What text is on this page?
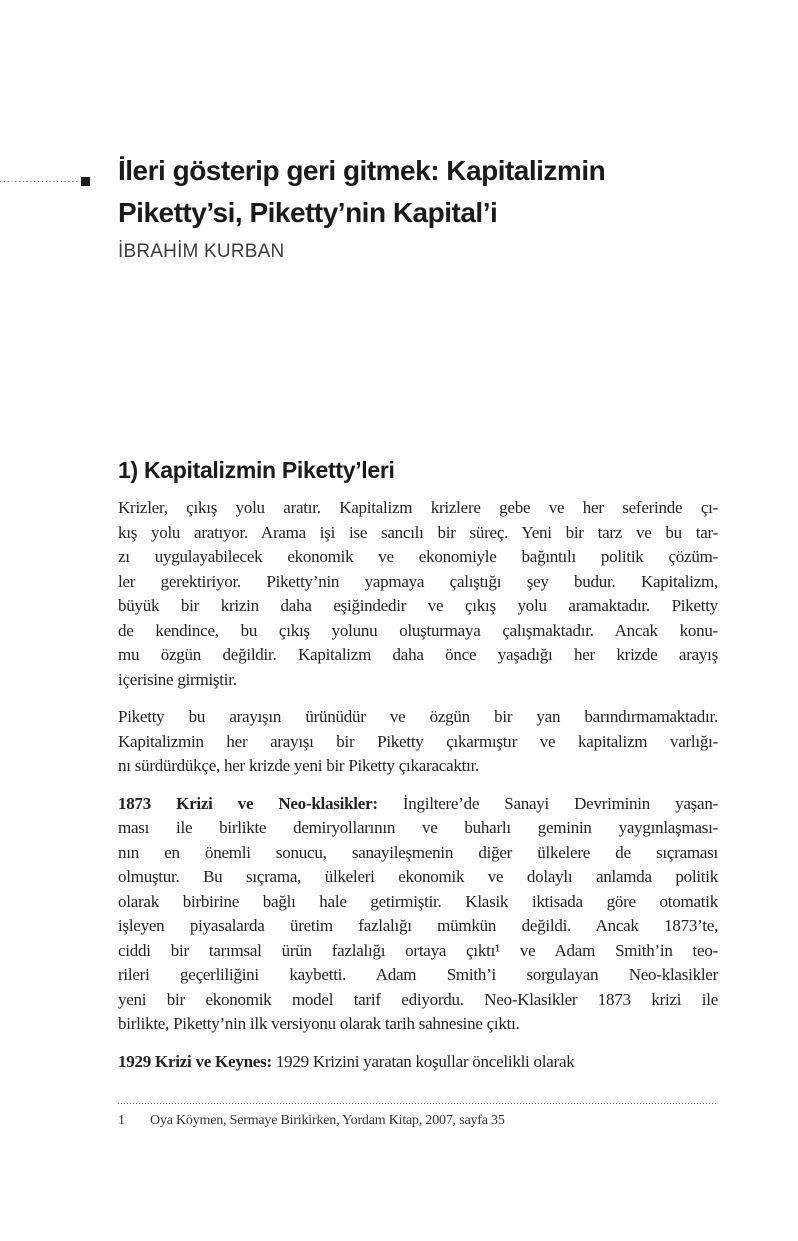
İleri gösterip geri gitmek: Kapitalizmin
Piketty’si, Piketty’nin Kapital’i
İBRAHİM KURBAN
1) Kapitalizmin Piketty’leri
Krizler, çıkış yolu aratır. Kapitalizm krizlere gebe ve her seferinde çı-
kış yolu aratıyor. Arama işi ise sancılı bir süreç. Yeni bir tarz ve bu tar-
zı uygulayabilecek ekonomik ve ekonomiyle bağıntılı politik çözüm-
ler gerektiriyor. Piketty’nin yapmaya çalıştığı şey budur. Kapitalizm,
büyük bir krizin daha eşiğindedir ve çıkış yolu aramaktadır. Piketty
de kendince, bu çıkış yolunu oluşturmaya çalışmaktadır. Ancak konu-
mu özgün değildir. Kapitalizm daha önce yaşadığı her krizde arayış
içerisine girmiştir.
Piketty bu arayışın ürünüdür ve özgün bir yan barındırmamaktadır.
Kapitalizmin her arayışı bir Piketty çıkarmıştır ve kapitalizm varlığı-
nı sürdürdükçe, her krizde yeni bir Piketty çıkaracaktır.
1873 Krizi ve Neo-klasikler: İngiltere’de Sanayi Devriminin yaşan-
ması ile birlikte demiryollarının ve buharlı geminin yaygınlaşması-
nın en önemli sonucu, sanayileşmenin diğer ülkelere de sıçraması
olmuştur. Bu sıçrama, ülkeleri ekonomik ve dolaylı anlamda politik
olarak birbirine bağlı hale getirmiştir. Klasik iktisada göre otomatik
işleyen piyasalarda üretim fazlalığı mümkün değildi. Ancak 1873’te,
ciddi bir tarımsal ürün fazlalığı ortaya çıktı¹ ve Adam Smith’in teo-
rileri geçerliliğini kaybetti. Adam Smith’i sorgulayan Neo-klasikler
yeni bir ekonomik model tarif ediyordu. Neo-Klasikler 1873 krizi ile
birlikte, Piketty’nin ilk versiyonu olarak tarih sahnesine çıktı.
1929 Krizi ve Keynes: 1929 Krizini yaratan koşullar öncelikli olarak
1 Oya Köymen, Sermaye Birikirken, Yordam Kitap, 2007, sayfa 35
